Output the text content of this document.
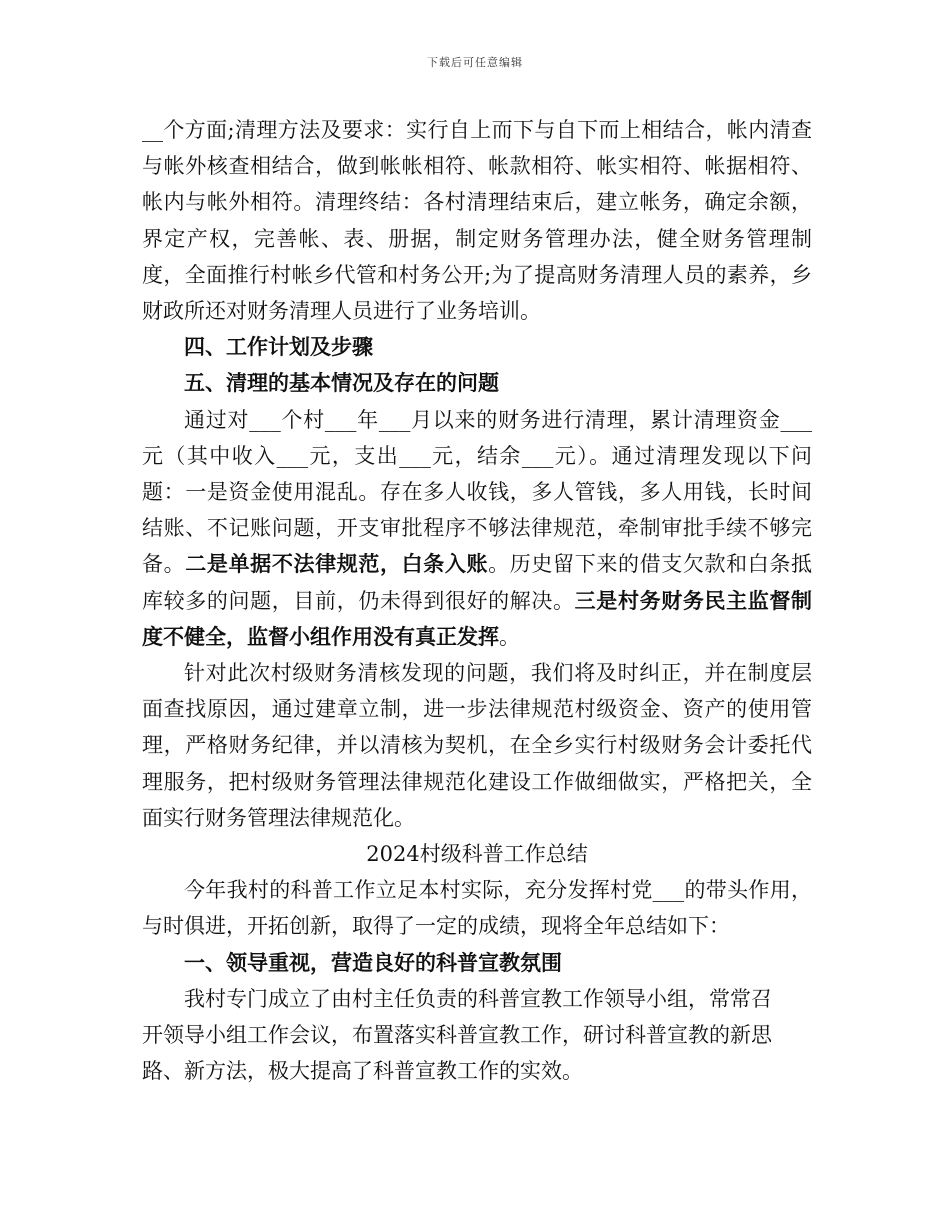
下载后可任意编辑

__个方面;清理方法及要求：实行自上而下与自下而上相结合，帐内清查与帐外核查相结合，做到帐帐相符、帐款相符、帐实相符、帐据相符、帐内与帐外相符。清理终结：各村清理结束后，建立帐务，确定余额，界定产权，完善帐、表、册据，制定财务管理办法，健全财务管理制度，全面推行村帐乡代管和村务公开;为了提高财务清理人员的素养，乡财政所还对财务清理人员进行了业务培训。

四、工作计划及步骤

五、清理的基本情况及存在的问题

通过对___个村___年___月以来的财务进行清理，累计清理资金___元（其中收入___元，支出___元，结余___元）。通过清理发现以下问题：一是资金使用混乱。存在多人收钱，多人管钱，多人用钱，长时间结账、不记账问题，开支审批程序不够法律规范，牵制审批手续不够完备。二是单据不法律规范，白条入账。历史留下来的借支欠款和白条抵库较多的问题，目前，仍未得到很好的解决。三是村务财务民主监督制度不健全，监督小组作用没有真正发挥。

针对此次村级财务清核发现的问题，我们将及时纠正，并在制度层面查找原因，通过建章立制，进一步法律规范村级资金、资产的使用管理，严格财务纪律，并以清核为契机，在全乡实行村级财务会计委托代理服务，把村级财务管理法律规范化建设工作做细做实，严格把关，全面实行财务管理法律规范化。

2024村级科普工作总结

今年我村的科普工作立足本村实际，充分发挥村党___的带头作用，与时俱进，开拓创新，取得了一定的成绩，现将全年总结如下：

一、领导重视，营造良好的科普宣教氛围

我村专门成立了由村主任负责的科普宣教工作领导小组，常常召
开领导小组工作会议，布置落实科普宣教工作，研讨科普宣教的新思
路、新方法，极大提高了科普宣教工作的实效。
